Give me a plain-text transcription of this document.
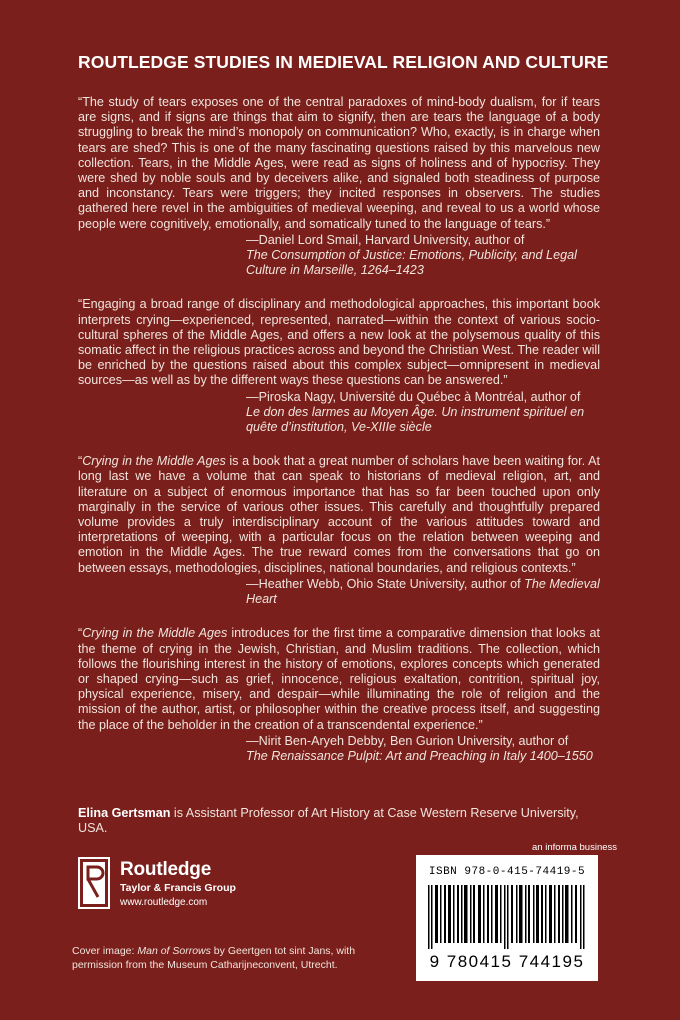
ROUTLEDGE STUDIES IN MEDIEVAL RELIGION AND CULTURE

“The study of tears exposes one of the central paradoxes of mind-body dualism, for if tears are signs, and if signs are things that aim to signify, then are tears the language of a body struggling to break the mind’s monopoly on communication? Who, exactly, is in charge when tears are shed? This is one of the many fascinating questions raised by this marvelous new collection. Tears, in the Middle Ages, were read as signs of holiness and of hypocrisy. They were shed by noble souls and by deceivers alike, and signaled both steadiness of purpose and inconstancy. Tears were triggers; they incited responses in observers. The studies gathered here revel in the ambiguities of medieval weeping, and reveal to us a world whose people were cognitively, emotionally, and somatically tuned to the language of tears.”

—Daniel Lord Smail, Harvard University, author of
The Consumption of Justice: Emotions, Publicity, and Legal Culture in Marseille, 1264–1423

“Engaging a broad range of disciplinary and methodological approaches, this important book interprets crying—experienced, represented, narrated—within the context of various socio-cultural spheres of the Middle Ages, and offers a new look at the polysemous quality of this somatic affect in the religious practices across and beyond the Christian West. The reader will be enriched by the questions raised about this complex subject—omnipresent in medieval sources—as well as by the different ways these questions can be answered.”

—Piroska Nagy, Université du Québec à Montréal, author of
Le don des larmes au Moyen Âge. Un instrument spirituel en quête d’institution, Ve-XIIIe siècle

“Crying in the Middle Ages is a book that a great number of scholars have been waiting for. At long last we have a volume that can speak to historians of medieval religion, art, and literature on a subject of enormous importance that has so far been touched upon only marginally in the service of various other issues. This carefully and thoughtfully prepared volume provides a truly interdisciplinary account of the various attitudes toward and interpretations of weeping, with a particular focus on the relation between weeping and emotion in the Middle Ages. The true reward comes from the conversations that go on between essays, methodologies, disciplines, national boundaries, and religious contexts.”

—Heather Webb, Ohio State University, author of The Medieval Heart

“Crying in the Middle Ages introduces for the first time a comparative dimension that looks at the theme of crying in the Jewish, Christian, and Muslim traditions. The collection, which follows the flourishing interest in the history of emotions, explores concepts which generated or shaped crying—such as grief, innocence, religious exaltation, contrition, spiritual joy, physical experience, misery, and despair—while illuminating the role of religion and the mission of the author, artist, or philosopher within the creative process itself, and suggesting the place of the beholder in the creation of a transcendental experience.”

—Nirit Ben-Aryeh Debby, Ben Gurion University, author of
The Renaissance Pulpit: Art and Preaching in Italy 1400–1550

Elina Gertsman is Assistant Professor of Art History at Case Western Reserve University, USA.

Routledge
Taylor & Francis Group
www.routledge.com
an informa business
ISBN 978-0-415-74419-5
9 780415 744195

Cover image: Man of Sorrows by Geertgen tot sint Jans, with permission from the Museum Catharijneconvent, Utrecht.
